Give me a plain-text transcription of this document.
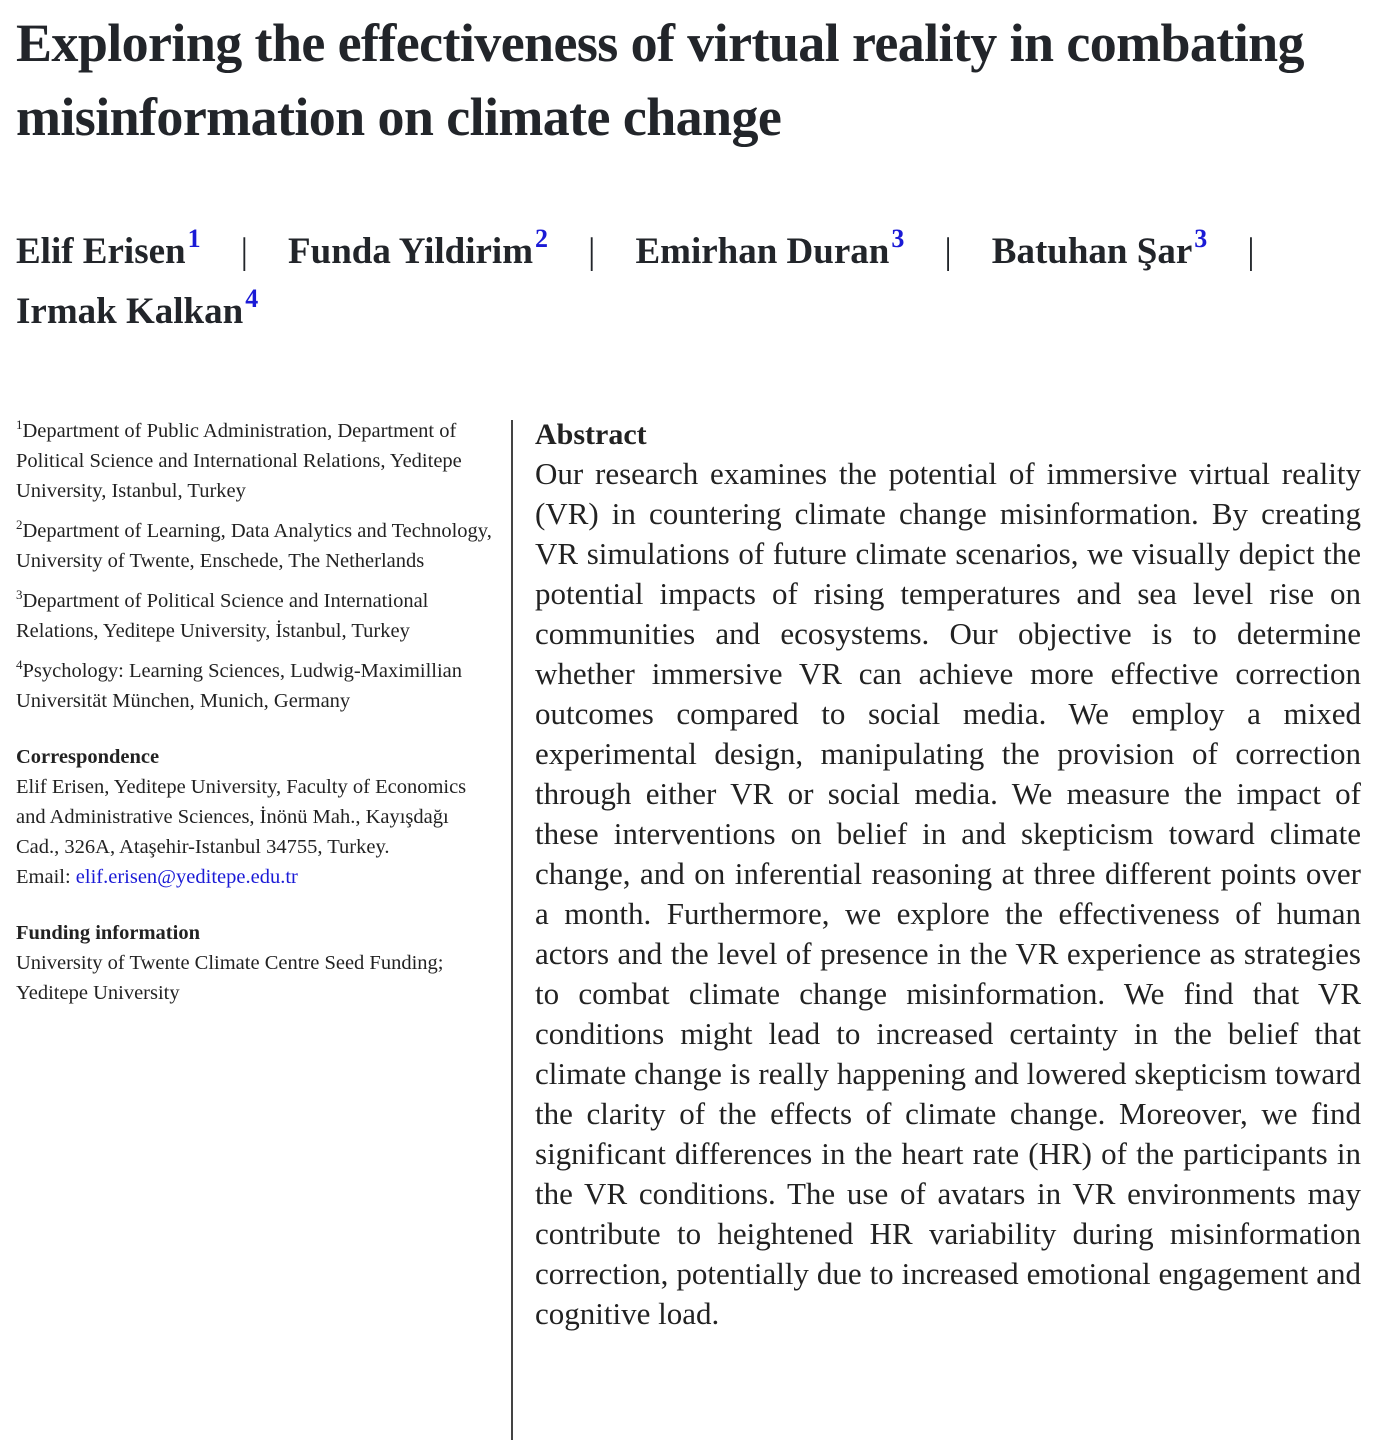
Exploring the effectiveness of virtual reality in combating misinformation on climate change
Elif Erisen$^1$ | Funda Yildirim$^2$ | Emirhan Duran$^3$ | Batuhan Şar$^3$ |
Irmak Kalkan$^4$

$^1$Department of Public Administration, Department of Political Science and International Relations, Yeditepe University, Istanbul, Turkey

$^2$Department of Learning, Data Analytics and Technology, University of Twente, Enschede, The Netherlands

$^3$Department of Political Science and International Relations, Yeditepe University, İstanbul, Turkey

$^4$Psychology: Learning Sciences, Ludwig-Maximillian Universität München, Munich, Germany

Correspondence

Elif Erisen, Yeditepe University, Faculty of Economics and Administrative Sciences, İnönü Mah., Kayışdağı Cad., 326A, Ataşehir-Istanbul 34755, Turkey.

Email: elif.erisen@yeditepe.edu.tr

Funding information

University of Twente Climate Centre Seed Funding; Yeditepe University

Abstract

Our research examines the potential of immersive virtual reality (VR) in countering climate change misinformation. By creating VR simulations of future climate scenarios, we visually depict the potential impacts of rising temperatures and sea level rise on communities and ecosystems. Our objective is to determine whether immersive VR can achieve more effective correction outcomes compared to social media. We employ a mixed experimental design, manipulating the provision of correction through either VR or social media. We measure the impact of these interventions on belief in and skepticism toward climate change, and on inferential reasoning at three different points over a month. Furthermore, we explore the effectiveness of human actors and the level of presence in the VR experience as strategies to combat climate change misinformation. We find that VR conditions might lead to increased certainty in the belief that climate change is really happening and lowered skepticism toward the clarity of the effects of climate change. Moreover, we find significant differences in the heart rate (HR) of the participants in the VR conditions. The use of avatars in VR environments may contribute to heightened HR variability during misinformation correction, potentially due to increased emotional engagement and cognitive load.
